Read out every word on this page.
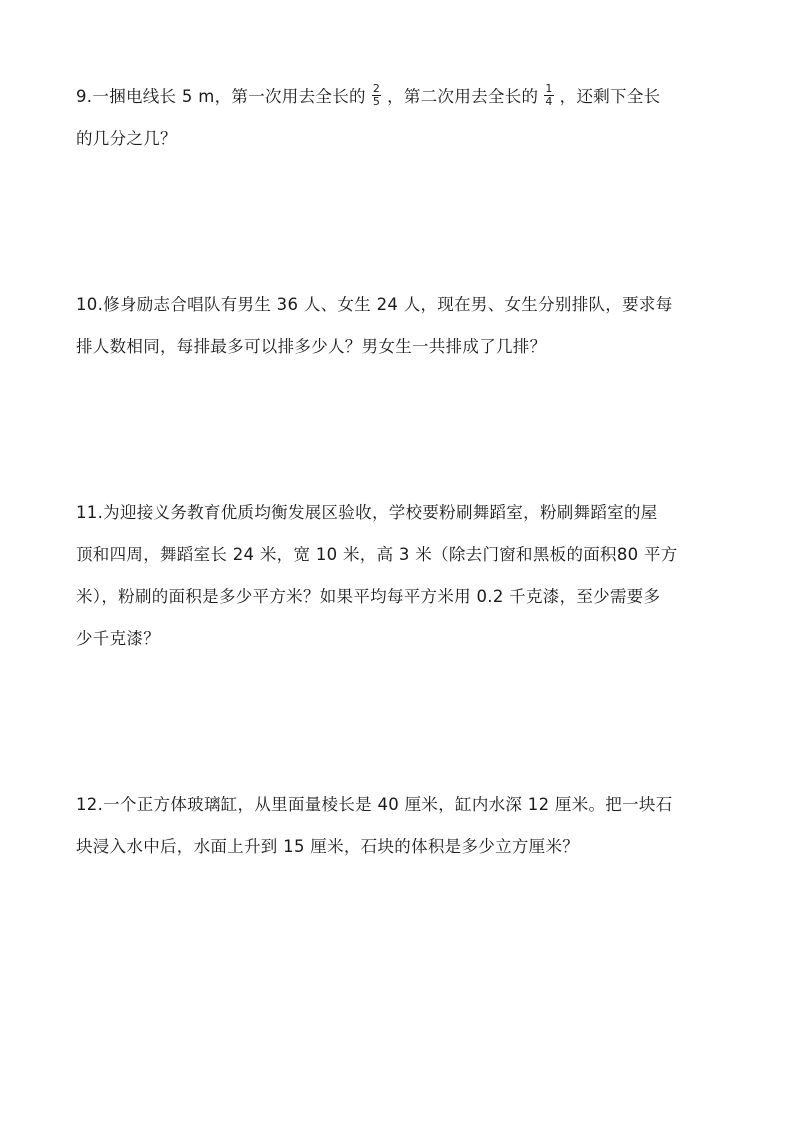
9.一捆电线长 5 m，第一次用去全长的 $\frac{2}{5}$ ，第二次用去全长的 $\frac{1}{4}$ ，还剩下全长
的几分之几？
10.修身励志合唱队有男生 36 人、女生 24 人，现在男、女生分别排队，要求每
排人数相同，每排最多可以排多少人？男女生一共排成了几排？
11.为迎接义务教育优质均衡发展区验收，学校要粉刷舞蹈室，粉刷舞蹈室的屋
顶和四周，舞蹈室长 24 米，宽 10 米，高 3 米（除去门窗和黑板的面积80 平方
米），粉刷的面积是多少平方米？如果平均每平方米用 0.2 千克漆，至少需要多
少千克漆？
12.一个正方体玻璃缸，从里面量棱长是 40 厘米，缸内水深 12 厘米。把一块石
块浸入水中后，水面上升到 15 厘米，石块的体积是多少立方厘米？
